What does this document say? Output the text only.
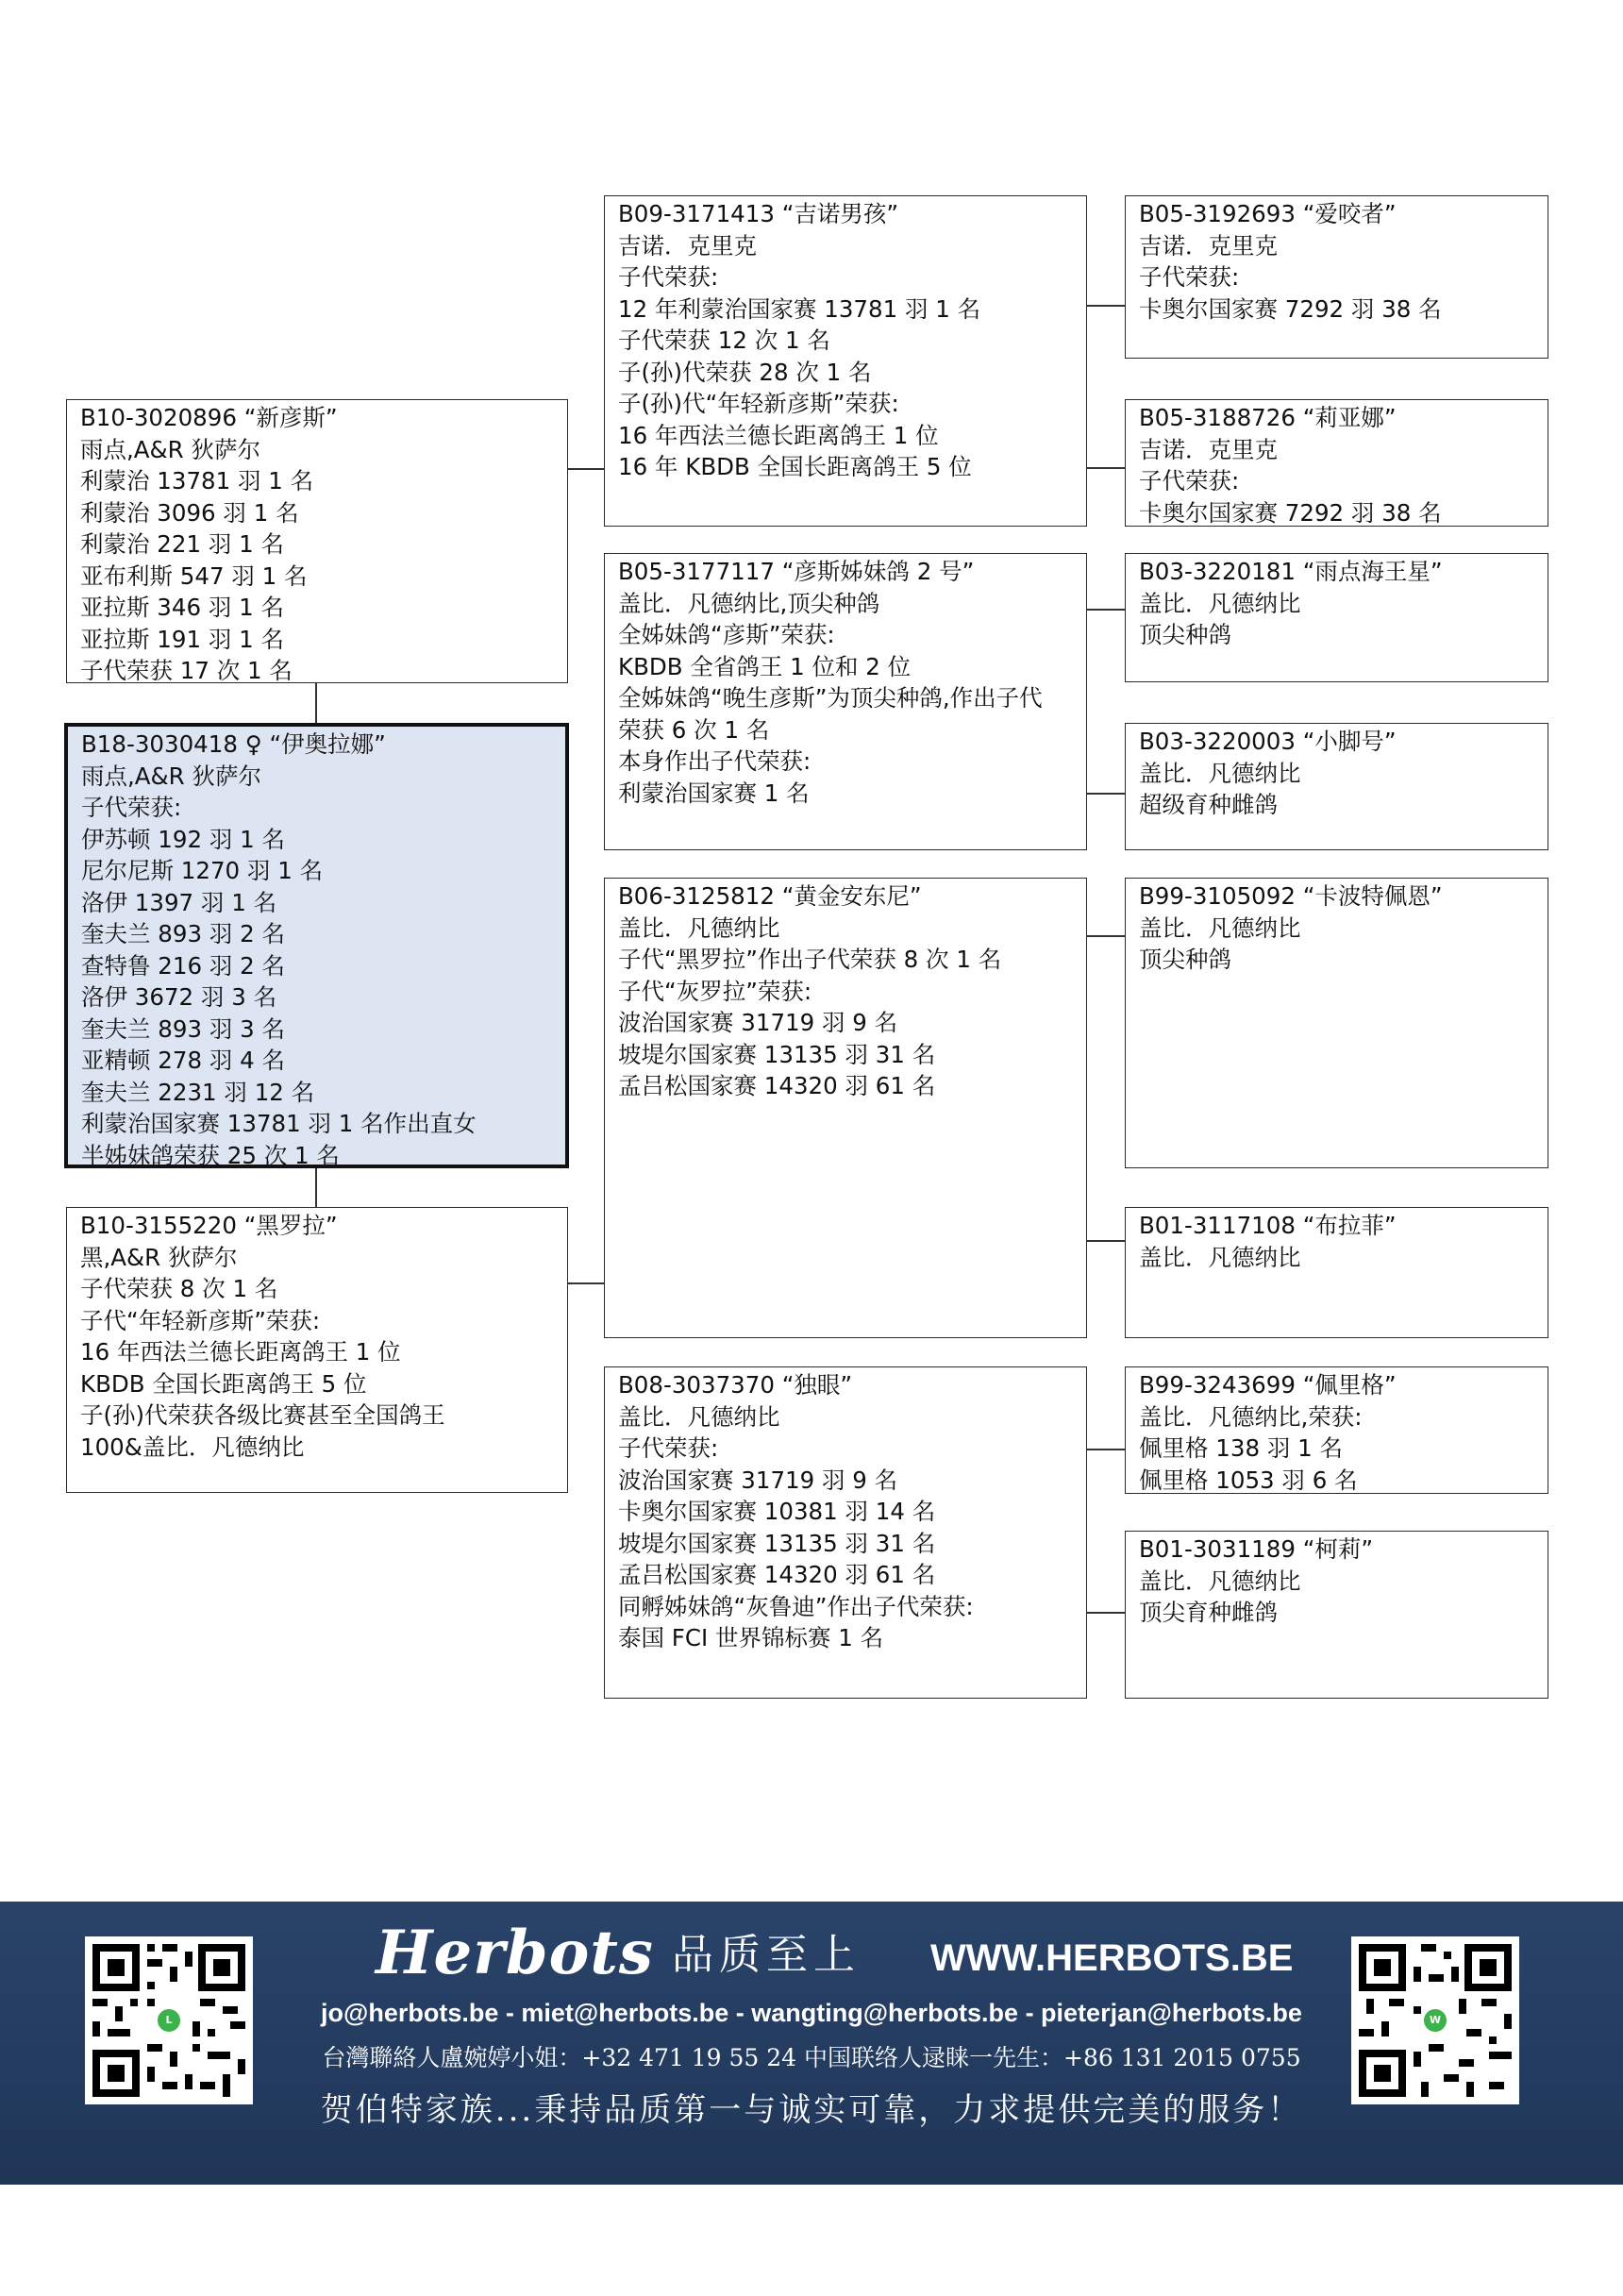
B10-3020896 “新彦斯”
雨点,A&R 狄萨尔
利蒙治 13781 羽 1 名
利蒙治 3096 羽 1 名
利蒙治 221 羽 1 名
亚布利斯 547 羽 1 名
亚拉斯 346 羽 1 名
亚拉斯 191 羽 1 名
子代荣获 17 次 1 名
B18-3030418 ♀ “伊奥拉娜”
雨点,A&R 狄萨尔
子代荣获:
伊苏顿 192 羽 1 名
尼尔尼斯 1270 羽 1 名
洛伊 1397 羽 1 名
奎夫兰 893 羽 2 名
查特鲁 216 羽 2 名
洛伊 3672 羽 3 名
奎夫兰 893 羽 3 名
亚精顿 278 羽 4 名
奎夫兰 2231 羽 12 名
利蒙治国家赛 13781 羽 1 名作出直女
半姊妹鸽荣获 25 次 1 名
B10-3155220 “黑罗拉”
黑,A&R 狄萨尔
子代荣获 8 次 1 名
子代“年轻新彦斯”荣获:
16 年西法兰德长距离鸽王 1 位
KBDB 全国长距离鸽王 5 位
子(孙)代荣获各级比赛甚至全国鸽王
100&盖比．凡德纳比
B09-3171413 “吉诺男孩”
吉诺．克里克
子代荣获:
12 年利蒙治国家赛 13781 羽 1 名
子代荣获 12 次 1 名
子(孙)代荣获 28 次 1 名
子(孙)代“年轻新彦斯”荣获:
16 年西法兰德长距离鸽王 1 位
16 年 KBDB 全国长距离鸽王 5 位
B05-3177117 “彦斯姊妹鸽 2 号”
盖比．凡德纳比,顶尖种鸽
全姊妹鸽“彦斯”荣获:
KBDB 全省鸽王 1 位和 2 位
全姊妹鸽“晚生彦斯”为顶尖种鸽,作出子代
荣获 6 次 1 名
本身作出子代荣获:
利蒙治国家赛 1 名
B06-3125812 “黄金安东尼”
盖比．凡德纳比
子代“黑罗拉”作出子代荣获 8 次 1 名
子代“灰罗拉”荣获:
波治国家赛 31719 羽 9 名
坡堤尔国家赛 13135 羽 31 名
孟吕松国家赛 14320 羽 61 名
B08-3037370 “独眼”
盖比．凡德纳比
子代荣获:
波治国家赛 31719 羽 9 名
卡奥尔国家赛 10381 羽 14 名
坡堤尔国家赛 13135 羽 31 名
孟吕松国家赛 14320 羽 61 名
同孵姊妹鸽“灰鲁迪”作出子代荣获:
泰国 FCI 世界锦标赛 1 名
B05-3192693 “爱咬者”
吉诺．克里克
子代荣获:
卡奥尔国家赛 7292 羽 38 名
B05-3188726 “莉亚娜”
吉诺．克里克
子代荣获:
卡奥尔国家赛 7292 羽 38 名
B03-3220181 “雨点海王星”
盖比．凡德纳比
顶尖种鸽
B03-3220003 “小脚号”
盖比．凡德纳比
超级育种雌鸽
B99-3105092 “卡波特佩恩”
盖比．凡德纳比
顶尖种鸽
B01-3117108 “布拉菲”
盖比．凡德纳比
B99-3243699 “佩里格”
盖比．凡德纳比,荣获:
佩里格 138 羽 1 名
佩里格 1053 羽 6 名
B01-3031189 “柯莉”
盖比．凡德纳比
顶尖育种雌鸽
L	W
Herbots 品质至上 WWW.HERBOTS.BE
jo@herbots.be - miet@herbots.be - wangting@herbots.be - pieterjan@herbots.be
台灣聯絡人盧婉婷小姐：+32 471 19 55 24 中国联络人逯睐一先生：+86 131 2015 0755
贺伯特家族...秉持品质第一与诚实可靠，力求提供完美的服务！
